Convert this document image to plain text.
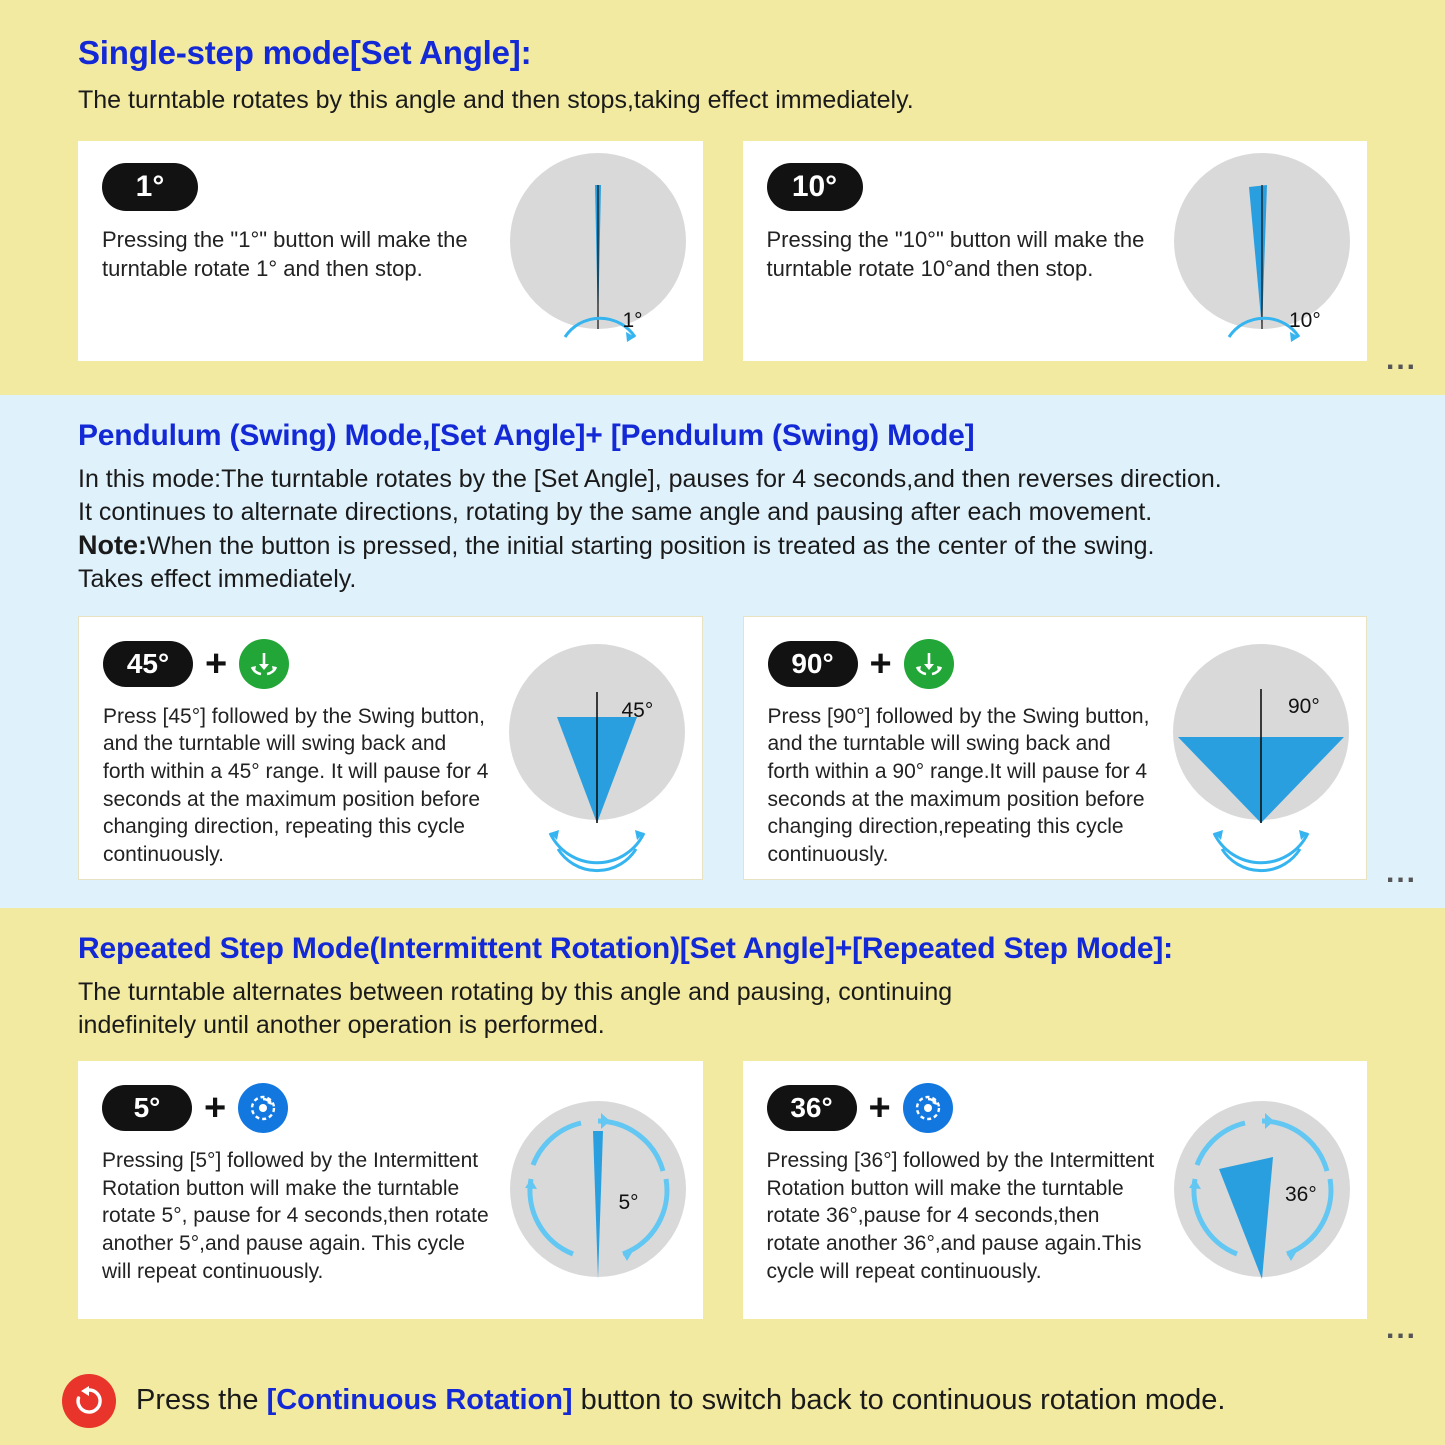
Single-step mode[Set Angle]:

The turntable rotates by this angle and then stops,taking effect immediately.

1°

Pressing the "1°" button will make the turntable rotate 1° and then stop.

1°
10°

Pressing the "10°" button will make the turntable rotate 10°and then stop.

10°
...
Pendulum (Swing) Mode,[Set Angle]+ [Pendulum (Swing) Mode]
In this mode:The turntable rotates by the [Set Angle], pauses for 4 seconds,and then reverses direction.
It continues to alternate directions, rotating by the same angle and pausing after each movement.
Note:When the button is pressed, the initial starting position is treated as the center of the swing.
Takes effect immediately.
45° +

Press [45°] followed by the Swing button, and the turntable will swing back and forth within a 45° range. It will pause for 4 seconds at the maximum position before changing direction, repeating this cycle continuously.

45°
90° +

Press [90°] followed by the Swing button, and the turntable will swing back and forth within a 90° range.It will pause for 4 seconds at the maximum position before changing direction,repeating this cycle continuously.

90°
...
Repeated Step Mode(Intermittent Rotation)[Set Angle]+[Repeated Step Mode]:
The turntable alternates between rotating by this angle and pausing, continuing
indefinitely until another operation is performed.
5°	+

Pressing [5°] followed by the Intermittent Rotation button will make the turntable rotate 5°, pause for 4 seconds,then rotate another 5°,and pause again. This cycle will repeat continuously.

5°
36° +

Pressing [36°] followed by the Intermittent Rotation button will make the turntable rotate 36°,pause for 4 seconds,then rotate another 36°,and pause again.This cycle will repeat continuously.

36°
...
Press the [Continuous Rotation] button to switch back to continuous rotation mode.
